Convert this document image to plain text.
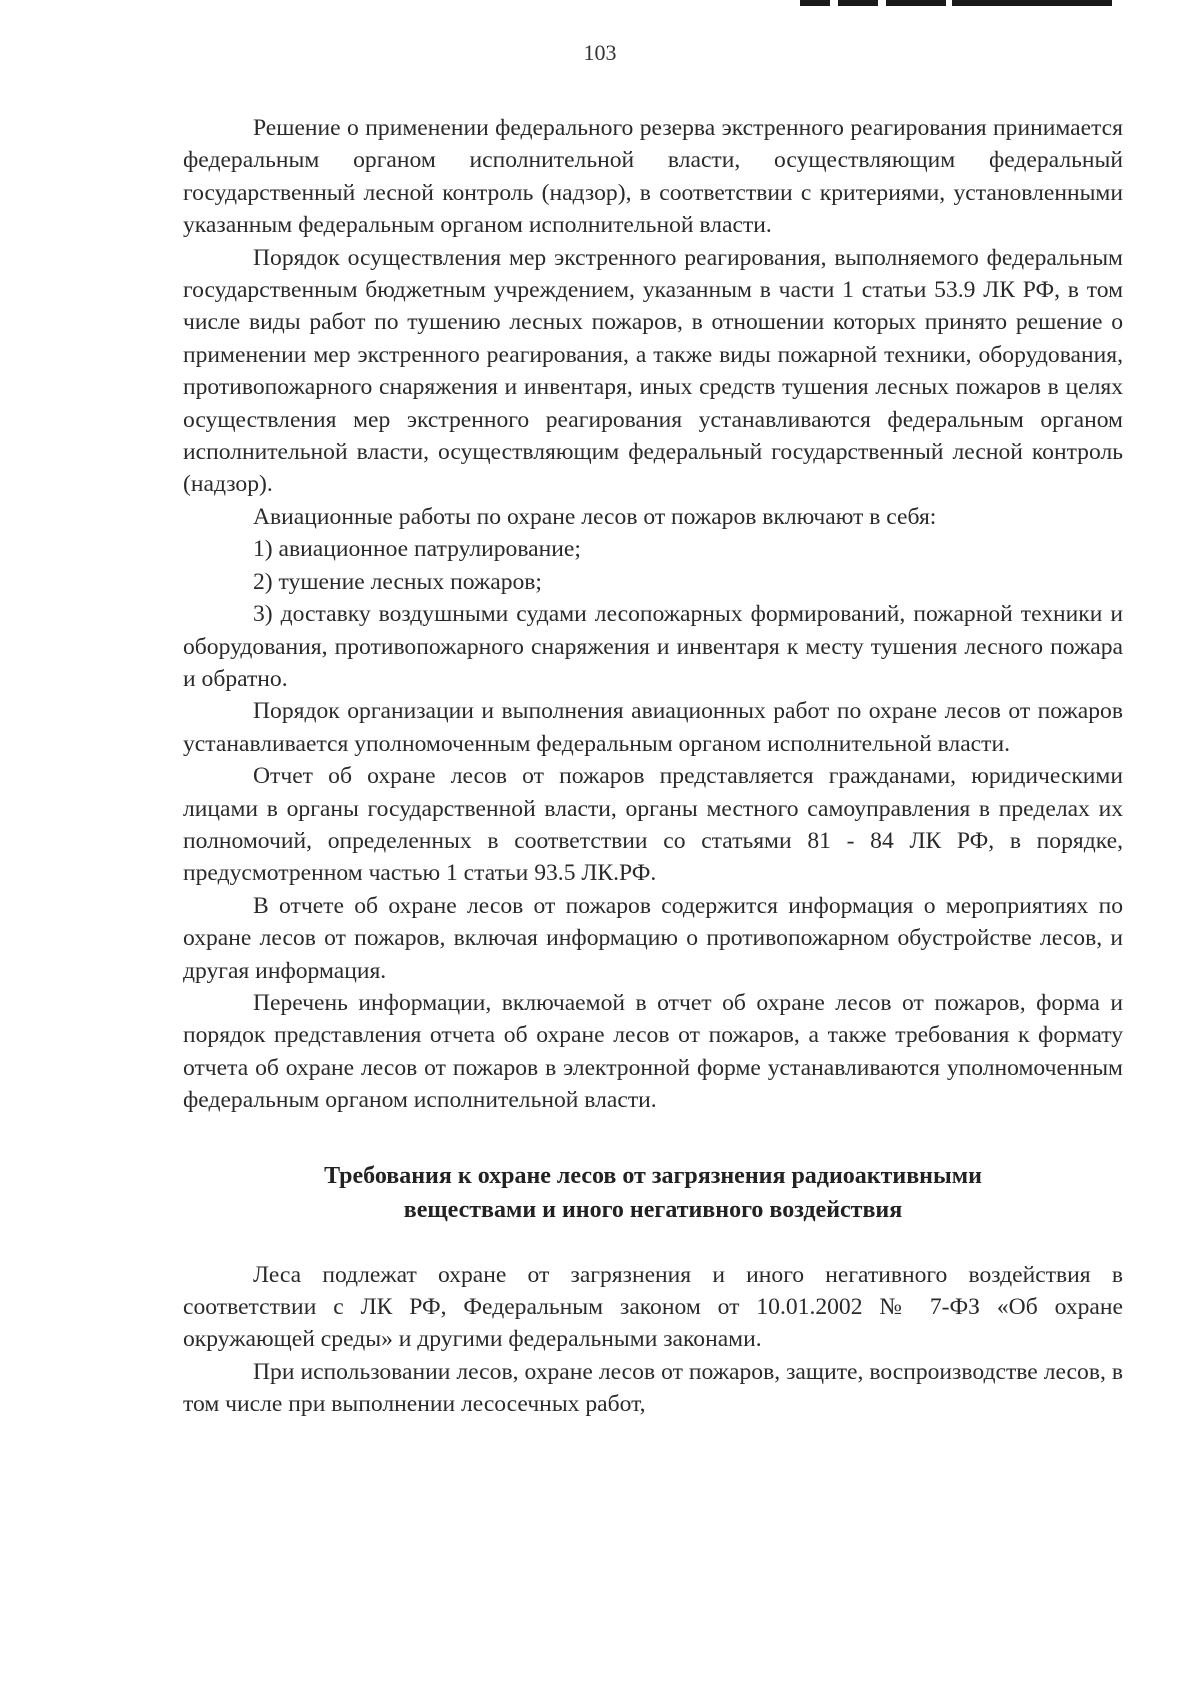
103

Решение о применении федерального резерва экстренного реагирования принимается федеральным органом исполнительной власти, осуществляющим федеральный государственный лесной контроль (надзор), в соответствии с критериями, установленными указанным федеральным органом исполнительной власти.

Порядок осуществления мер экстренного реагирования, выполняемого федеральным государственным бюджетным учреждением, указанным в части 1 статьи 53.9 ЛК РФ, в том числе виды работ по тушению лесных пожаров, в отношении которых принято решение о применении мер экстренного реагирования, а также виды пожарной техники, оборудования, противопожарного снаряжения и инвентаря, иных средств тушения лесных пожаров в целях осуществления мер экстренного реагирования устанавливаются федеральным органом исполнительной власти, осуществляющим федеральный государственный лесной контроль (надзор).

Авиационные работы по охране лесов от пожаров включают в себя:

1) авиационное патрулирование;

2) тушение лесных пожаров;

3) доставку воздушными судами лесопожарных формирований, пожарной техники и оборудования, противопожарного снаряжения и инвентаря к месту тушения лесного пожара и обратно.

Порядок организации и выполнения авиационных работ по охране лесов от пожаров устанавливается уполномоченным федеральным органом исполнительной власти.

Отчет об охране лесов от пожаров представляется гражданами, юридическими лицами в органы государственной власти, органы местного самоуправления в пределах их полномочий, определенных в соответствии со статьями 81 - 84 ЛК РФ, в порядке, предусмотренном частью 1 статьи 93.5 ЛК.РФ.

В отчете об охране лесов от пожаров содержится информация о мероприятиях по охране лесов от пожаров, включая информацию о противопожарном обустройстве лесов, и другая информация.

Перечень информации, включаемой в отчет об охране лесов от пожаров, форма и порядок представления отчета об охране лесов от пожаров, а также требования к формату отчета об охране лесов от пожаров в электронной форме устанавливаются уполномоченным федеральным органом исполнительной власти.

Требования к охране лесов от загрязнения радиоактивными
веществами и иного негативного воздействия

Леса подлежат охране от загрязнения и иного негативного воздействия в соответствии с ЛК РФ, Федеральным законом от 10.01.2002 № 7-ФЗ «Об охране окружающей среды» и другими федеральными законами.

При использовании лесов, охране лесов от пожаров, защите, воспроизводстве лесов, в том числе при выполнении лесосечных работ,
